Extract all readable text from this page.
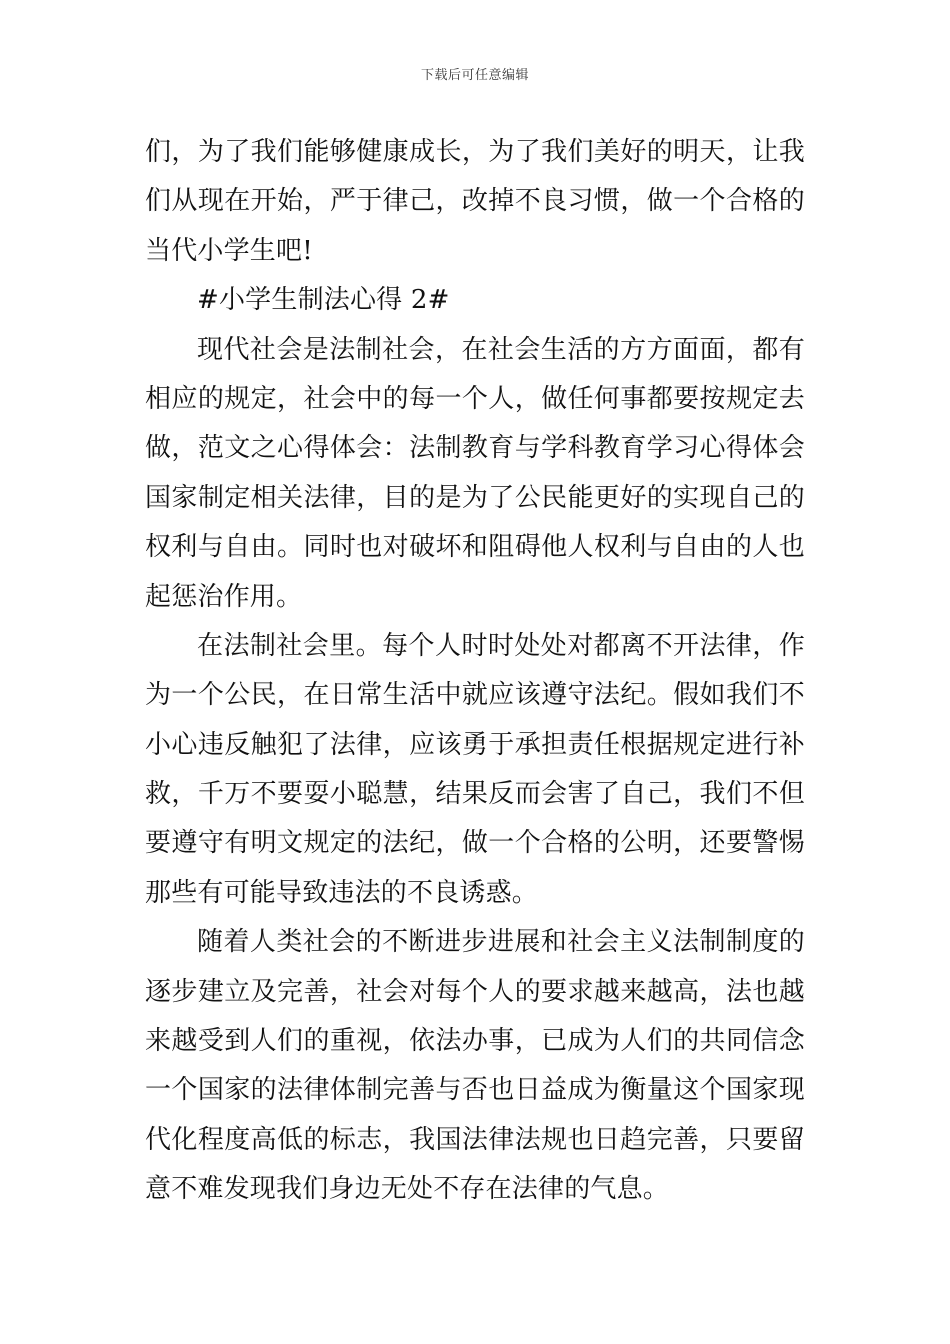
下载后可任意编辑
们，为了我们能够健康成长，为了我们美好的明天，让我
们从现在开始，严于律己，改掉不良习惯，做一个合格的
当代小学生吧!
#小学生制法心得 2#
现代社会是法制社会，在社会生活的方方面面，都有
相应的规定，社会中的每一个人，做任何事都要按规定去
做，范文之心得体会：法制教育与学科教育学习心得体会
国家制定相关法律，目的是为了公民能更好的实现自己的
权利与自由。同时也对破坏和阻碍他人权利与自由的人也
起惩治作用。
在法制社会里。每个人时时处处对都离不开法律，作
为一个公民，在日常生活中就应该遵守法纪。假如我们不
小心违反触犯了法律，应该勇于承担责任根据规定进行补
救，千万不要耍小聪慧，结果反而会害了自己，我们不但
要遵守有明文规定的法纪，做一个合格的公明，还要警惕
那些有可能导致违法的不良诱惑。
随着人类社会的不断进步进展和社会主义法制制度的
逐步建立及完善，社会对每个人的要求越来越高，法也越
来越受到人们的重视，依法办事，已成为人们的共同信念
一个国家的法律体制完善与否也日益成为衡量这个国家现
代化程度高低的标志，我国法律法规也日趋完善，只要留
意不难发现我们身边无处不存在法律的气息。
